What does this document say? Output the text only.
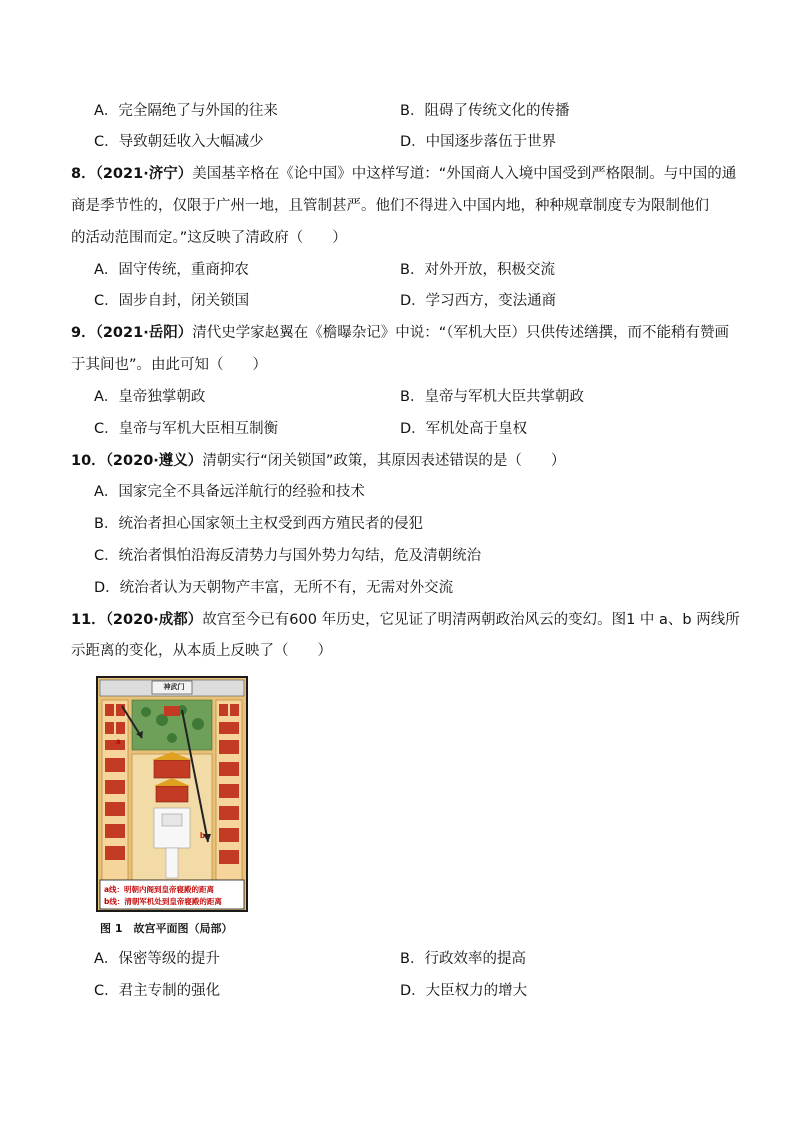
A．完全隔绝了与外国的往来	B．阻碍了传统文化的传播
C．导致朝廷收入大幅减少	D．中国逐步落伍于世界
8．（2021·济宁）美国基辛格在《论中国》中这样写道：“外国商人入境中国受到严格限制。与中国的通
商是季节性的，仅限于广州一地，且管制甚严。他们不得进入中国内地，种种规章制度专为限制他们
的活动范围而定。”这反映了清政府（　　）
A．固守传统，重商抑农	B．对外开放，积极交流
C．固步自封，闭关锁国	D．学习西方，变法通商
9．（2021·岳阳）清代史学家赵翼在《檐曝杂记》中说：“（军机大臣）只供传述缮撰，而不能稍有赞画
于其间也”。由此可知（　　）
A．皇帝独掌朝政	B．皇帝与军机大臣共掌朝政
C．皇帝与军机大臣相互制衡	D．军机处高于皇权
10．（2020·遵义）清朝实行“闭关锁国”政策，其原因表述错误的是（　　）
A．国家完全不具备远洋航行的经验和技术
B．统治者担心国家领土主权受到西方殖民者的侵犯
C．统治者惧怕沿海反清势力与国外势力勾结，危及清朝统治
D．统治者认为天朝物产丰富，无所不有，无需对外交流
11．（2020·成都）故宫至今已有600 年历史，它见证了明清两朝政治风云的变幻。图1 中 a、b 两线所
示距离的变化，从本质上反映了（　　）
a
b
神武门
a线：明朝内阁到皇帝寝殿的距离
b线：清朝军机处到皇帝寝殿的距离
图 1　故宫平面图（局部）
A．保密等级的提升	B．行政效率的提高
C．君主专制的强化	D．大臣权力的增大
